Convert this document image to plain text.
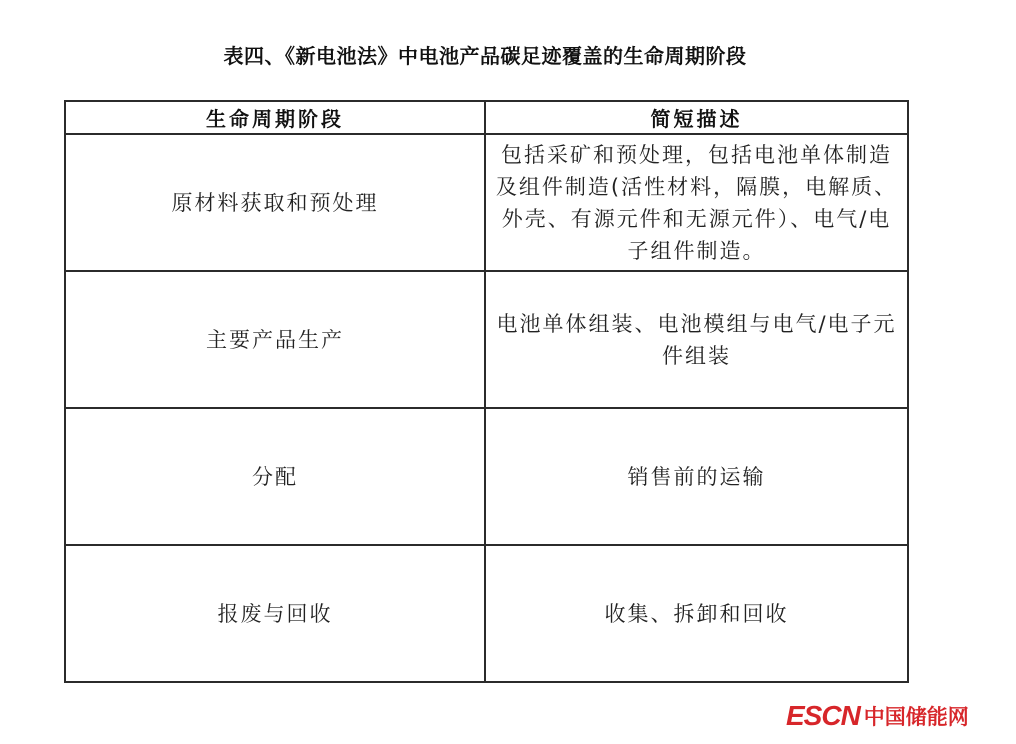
表四、《新电池法》中电池产品碳足迹覆盖的生命周期阶段
生命周期阶段	简短描述
原材料获取和预处理	包括采矿和预处理，包括电池单体制造及组件制造(活性材料，隔膜，电解质、外壳、有源元件和无源元件）、电气/电子组件制造。
主要产品生产	电池单体组装、电池模组与电气/电子元件组装
分配	销售前的运输
报废与回收	收集、拆卸和回收
ESCN 中国储能网
